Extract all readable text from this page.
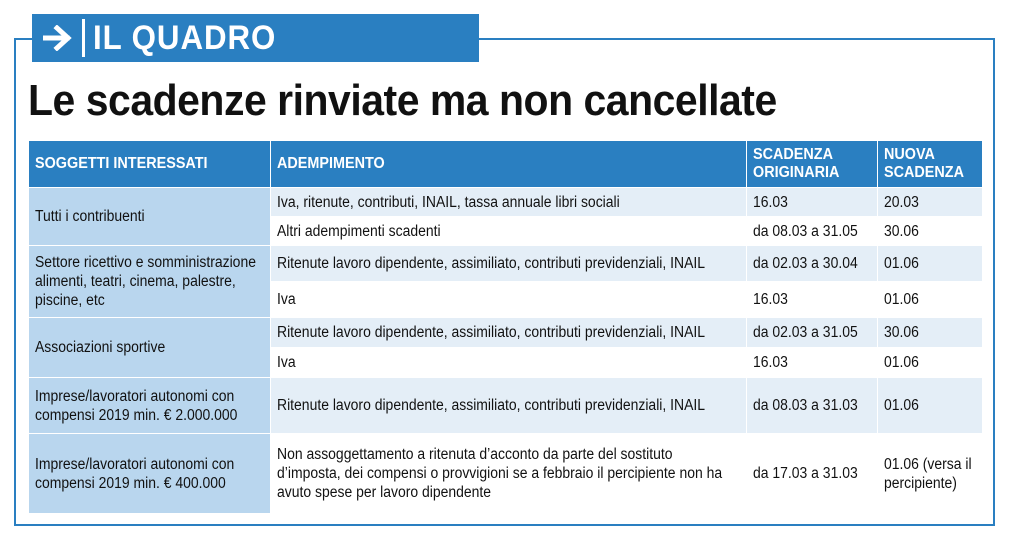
IL QUADRO
Le scadenze rinviate ma non cancellate
SOGGETTI INTERESSATI	ADEMPIMENTO	SCADENZA ORIGINARIA	NUOVA SCADENZA

Tutti i contribuenti	Iva, ritenute, contributi, INAIL, tassa annuale libri sociali	16.03	20.03
	Altri adempimenti scadenti	da 08.03 a 31.05	30.06

Settore ricettivo e somministrazione alimenti, teatri, cinema, palestre, piscine, etc	Ritenute lavoro dipendente, assimiliato, contributi previdenziali, INAIL	da 02.03 a 30.04	01.06
	Iva	16.03	01.06

Associazioni sportive	Ritenute lavoro dipendente, assimiliato, contributi previdenziali, INAIL	da 02.03 a 31.05	30.06
	Iva	16.03	01.06

Imprese/lavoratori autonomi con compensi 2019 min. € 2.000.000	Ritenute lavoro dipendente, assimiliato, contributi previdenziali, INAIL	da 08.03 a 31.03	01.06

Imprese/lavoratori autonomi con compensi 2019 min. € 400.000	Non assoggettamento a ritenuta d’acconto da parte del sostituto d’imposta, dei compensi o provvigioni se a febbraio il percipiente non ha avuto spese per lavoro dipendente	da 17.03 a 31.03	01.06 (versa il percipiente)
